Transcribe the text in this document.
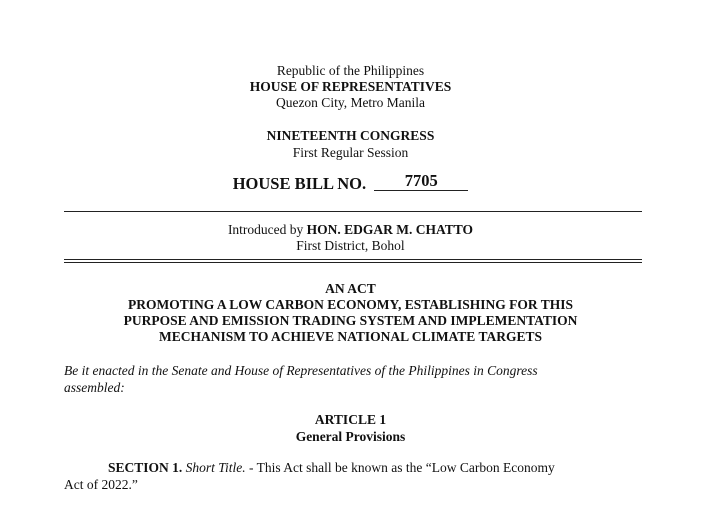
Republic of the Philippines
HOUSE OF REPRESENTATIVES
Quezon City, Metro Manila
NINETEENTH CONGRESS
First Regular Session
HOUSE BILL NO. 7705
Introduced by HON. EDGAR M. CHATTO
First District, Bohol
AN ACT
PROMOTING A LOW CARBON ECONOMY, ESTABLISHING FOR THIS
PURPOSE AND EMISSION TRADING SYSTEM AND IMPLEMENTATION
MECHANISM TO ACHIEVE NATIONAL CLIMATE TARGETS
Be it enacted in the Senate and House of Representatives of the Philippines in Congress
assembled:
ARTICLE 1
General Provisions
SECTION 1. Short Title. - This Act shall be known as the “Low Carbon Economy
Act of 2022.”
